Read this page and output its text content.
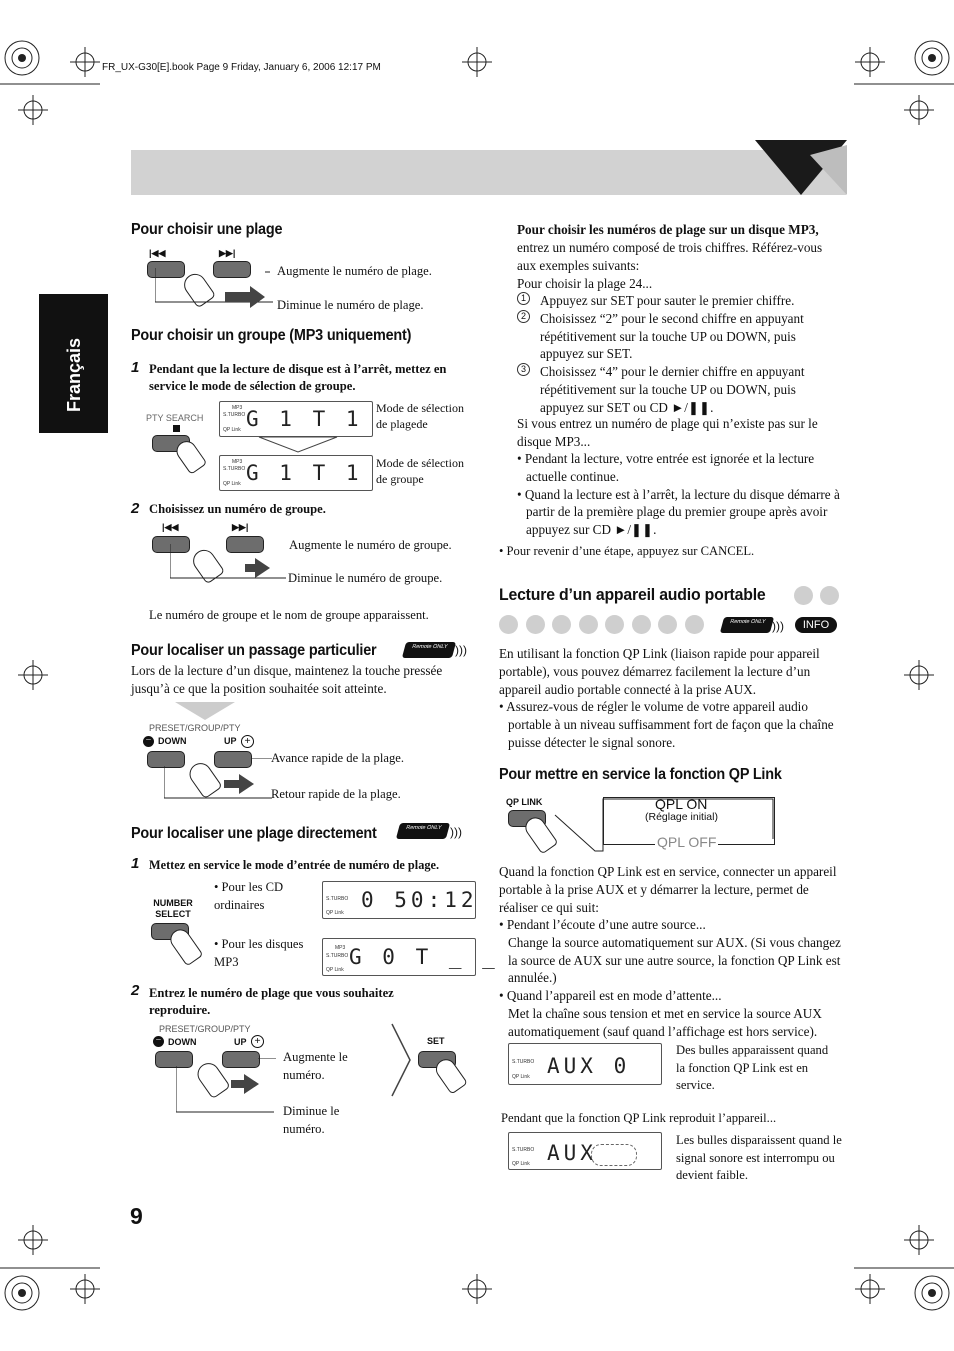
FR_UX-G30[E].book Page 9 Friday, January 6, 2006 12:17 PM
Français
9
Pour choisir une plage
|◀◀	▶▶|
Augmente le numéro de plage.
Diminue le numéro de plage.
Pour choisir un groupe (MP3 uniquement)
1 Pendant que la lecture de disque est à l’arrêt, mettez en service le mode de sélection de groupe.
PTY SEARCH
MP3
S.TURBO
QP Link G 1 T 1
MP3
S.TURBO
QP Link G 1 T 1
Mode de sélection de plagede
Mode de sélection de groupe
2 Choisissez un numéro de groupe.
|◀◀	▶▶|
Augmente le numéro de groupe.
Diminue le numéro de groupe.
Le numéro de groupe et le nom de groupe apparaissent.
Pour localiser un passage particulier	Remote ONLY )))
Lors de la lecture d’un disque, maintenez la touche pressée jusqu’à ce que la position souhaitée soit atteinte.
PRESET/GROUP/PTY
− DOWN	UP +
Avance rapide de la plage.
Retour rapide de la plage.
Pour localiser une plage directement	Remote ONLY )))
1 Mettez en service le mode d’entrée de numéro de plage.
NUMBER SELECT
• Pour les CD ordinaires
• Pour les disques MP3
S.TURBO
QP Link
0 50:12
MP3
S.TURBO
QP Link
G 0 T _ _
2 Entrez le numéro de plage que vous souhaitez reproduire.
PRESET/GROUP/PTY
− DOWN	UP +
Augmente le numéro.
Diminue le numéro.
SET
Pour choisir les numéros de plage sur un disque MP3, entrez un numéro composé de trois chiffres. Référez-vous aux exemples suivants:
Pour choisir la plage 24...
1	Appuyez sur SET pour sauter le premier chiffre.
2	Choisissez “2” pour le second chiffre en appuyant répétitivement sur la touche UP ou DOWN, puis appuyez sur SET.
3	Choisissez “4” pour le dernier chiffre en appuyant répétitivement sur la touche UP ou DOWN, puis appuyez sur SET ou CD ►/❚❚.
Si vous entrez un numéro de plage qui n’existe pas sur le disque MP3...
• Pendant la lecture, votre entrée est ignorée et la lecture actuelle continue.
• Quand la lecture est à l’arrêt, la lecture du disque démarre à partir de la première plage du premier groupe après avoir appuyez sur CD ►/❚❚.
• Pour revenir d’une étape, appuyez sur CANCEL.
Lecture d’un appareil audio portable
Remote ONLY )))	INFO
En utilisant la fonction QP Link (liaison rapide pour appareil portable), vous pouvez démarrez facilement la lecture d’un appareil audio portable connecté à la prise AUX.
• Assurez-vous de régler le volume de votre appareil audio portable à un niveau suffisamment fort de façon que la chaîne puisse détecter le signal sonore.
Pour mettre en service la fonction QP Link
QP LINK	QPL ON
(Réglage initial)
QPL OFF
Quand la fonction QP Link est en service, connecter un appareil portable à la prise AUX et y démarrer la lecture, permet de réaliser ce qui suit:
• Pendant l’écoute d’une autre source...
Change la source automatiquement sur AUX. (Si vous changez la source de AUX sur une autre source, la fonction QP Link est annulée.)
• Quand l’appareil est en mode d’attente...
Met la chaîne sous tension et met en service la source AUX automatiquement (sauf quand l’affichage est hors service).
S.TURBO
QP Link AUX 0
Des bulles apparaissent quand la fonction QP Link est en service.
Pendant que la fonction QP Link reproduit l’appareil...
S.TURBO
QP Link AUX
Les bulles disparaissent quand le signal sonore est interrompu ou devient faible.
